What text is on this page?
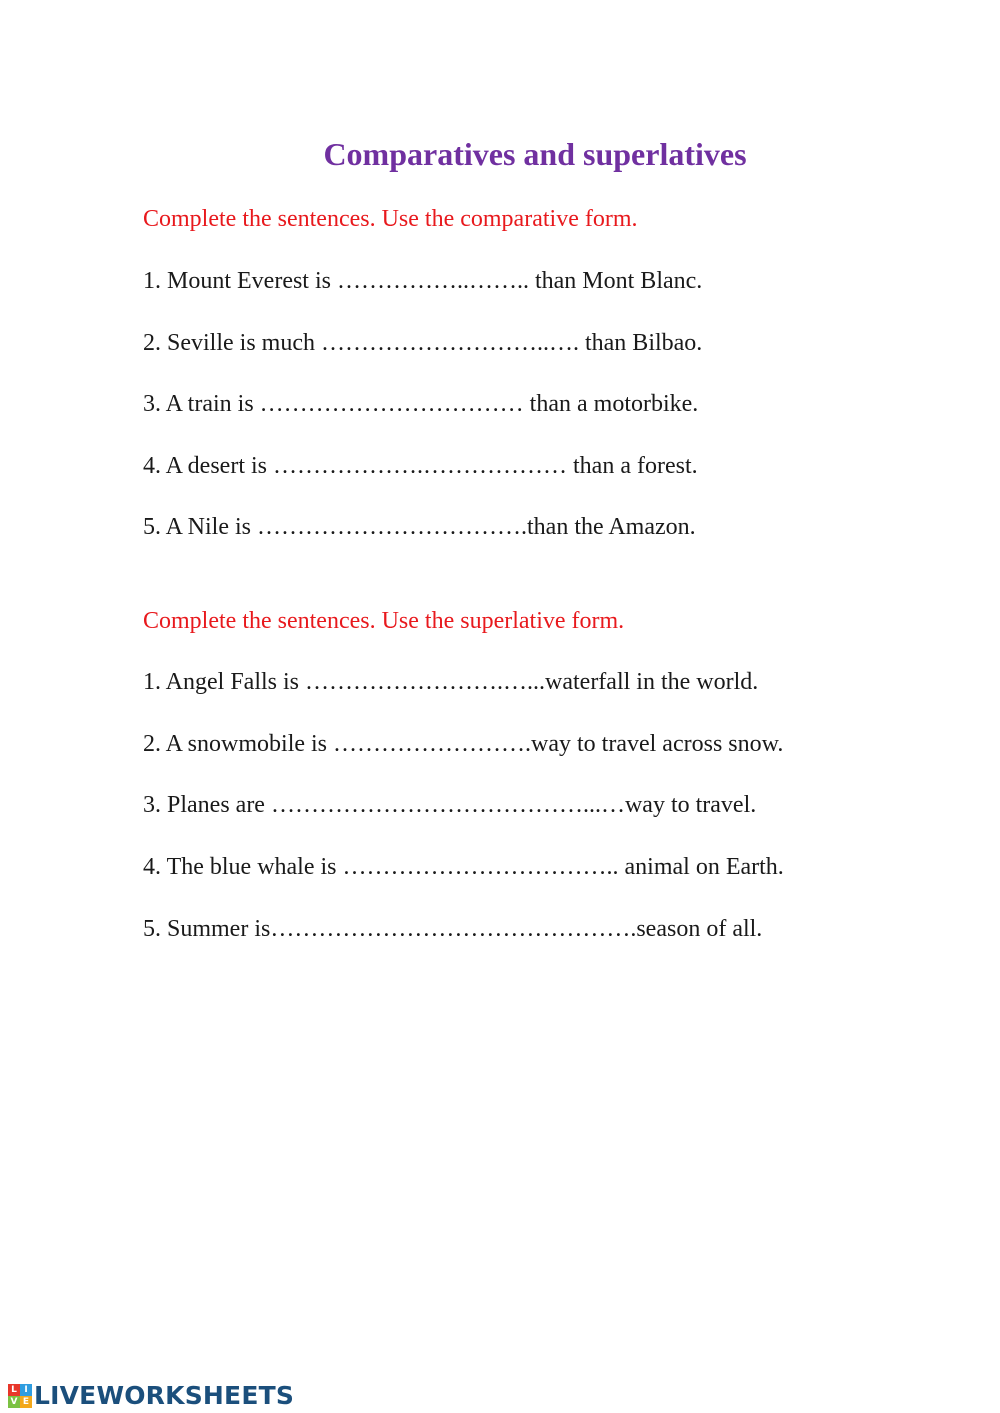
Comparatives and superlatives

Complete the sentences. Use the comparative form.

1. Mount Everest is ……………..…….. than Mont Blanc.

2. Seville is much ………………………..…. than Bilbao.

3. A train is …………………………… than a motorbike.

4. A desert is ……………….……………… than a forest.

5. A Nile is …………………………….than the Amazon.

Complete the sentences. Use the superlative form.

1. Angel Falls is …………………….…...waterfall in the world.

2. A snowmobile is …………………….way to travel across snow.

3. Planes are …………………………………...…way to travel.

4. The blue whale is …………………………….. animal on Earth.

5. Summer is……………………………………….season of all.

L I
V E LIVEWORKSHEETS
